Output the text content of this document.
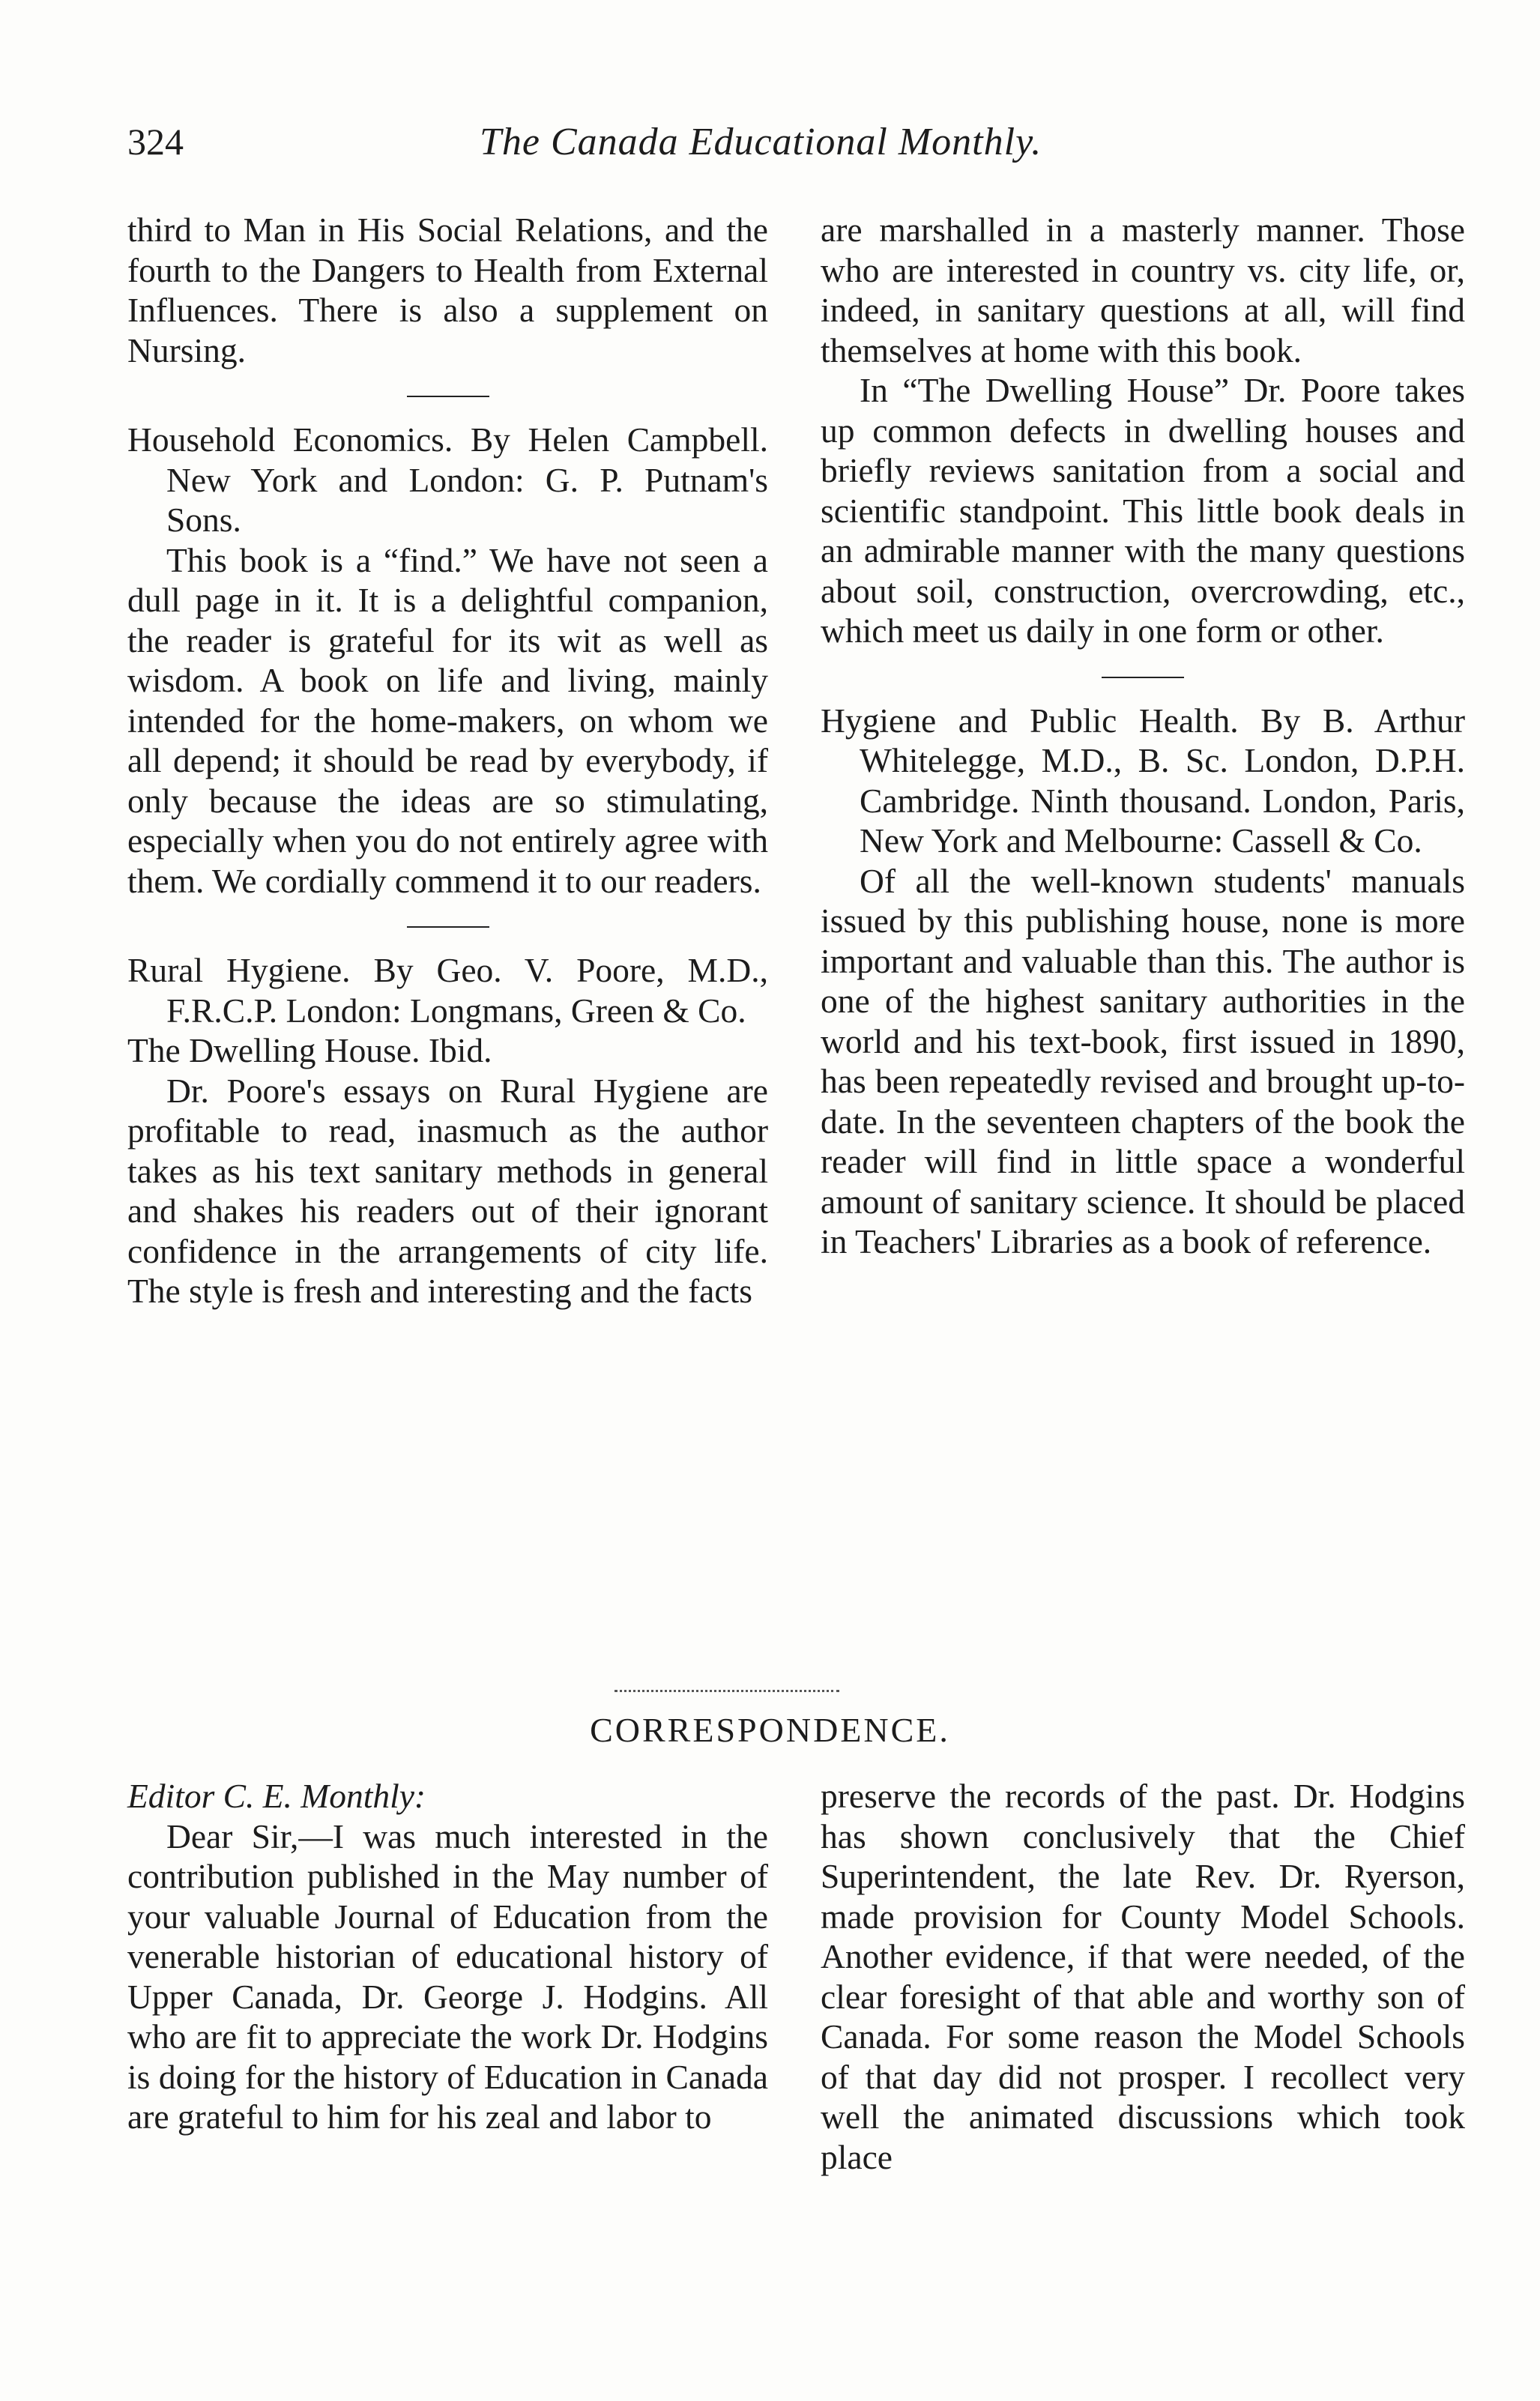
324	The Canada Educational Monthly.

third to Man in His Social Relations, and the fourth to the Dangers to Health from External Influences. There is also a supplement on Nursing.

Household Economics. By Helen Campbell. New York and London: G. P. Putnam's Sons.

This book is a “find.” We have not seen a dull page in it. It is a delightful companion, the reader is grateful for its wit as well as wisdom. A book on life and living, mainly intended for the home-makers, on whom we all depend; it should be read by everybody, if only because the ideas are so stimulating, especially when you do not entirely agree with them. We cordially commend it to our readers.

Rural Hygiene. By Geo. V. Poore, M.D., F.R.C.P. London: Longmans, Green & Co.

The Dwelling House. Ibid.

Dr. Poore's essays on Rural Hygiene are profitable to read, inasmuch as the author takes as his text sanitary methods in general and shakes his readers out of their ignorant confidence in the arrangements of city life. The style is fresh and interesting and the facts

are marshalled in a masterly manner. Those who are interested in country vs. city life, or, indeed, in sanitary questions at all, will find themselves at home with this book.

In “The Dwelling House” Dr. Poore takes up common defects in dwelling houses and briefly reviews sanitation from a social and scientific standpoint. This little book deals in an admirable manner with the many questions about soil, construction, overcrowding, etc., which meet us daily in one form or other.

Hygiene and Public Health. By B. Arthur Whitelegge, M.D., B. Sc. London, D.P.H. Cambridge. Ninth thousand. London, Paris, New York and Melbourne: Cassell & Co.

Of all the well-known students' manuals issued by this publishing house, none is more important and valuable than this. The author is one of the highest sanitary authorities in the world and his text-book, first issued in 1890, has been repeatedly revised and brought up-to-date. In the seventeen chapters of the book the reader will find in little space a wonderful amount of sanitary science. It should be placed in Teachers' Libraries as a book of reference.

CORRESPONDENCE.

Editor C. E. Monthly:

Dear Sir,—I was much interested in the contribution published in the May number of your valuable Journal of Education from the venerable historian of educational history of Upper Canada, Dr. George J. Hodgins. All who are fit to appreciate the work Dr. Hodgins is doing for the history of Education in Canada are grateful to him for his zeal and labor to

preserve the records of the past. Dr. Hodgins has shown conclusively that the Chief Superintendent, the late Rev. Dr. Ryerson, made provision for County Model Schools. Another evidence, if that were needed, of the clear foresight of that able and worthy son of Canada. For some reason the Model Schools of that day did not prosper. I recollect very well the animated discussions which took place
